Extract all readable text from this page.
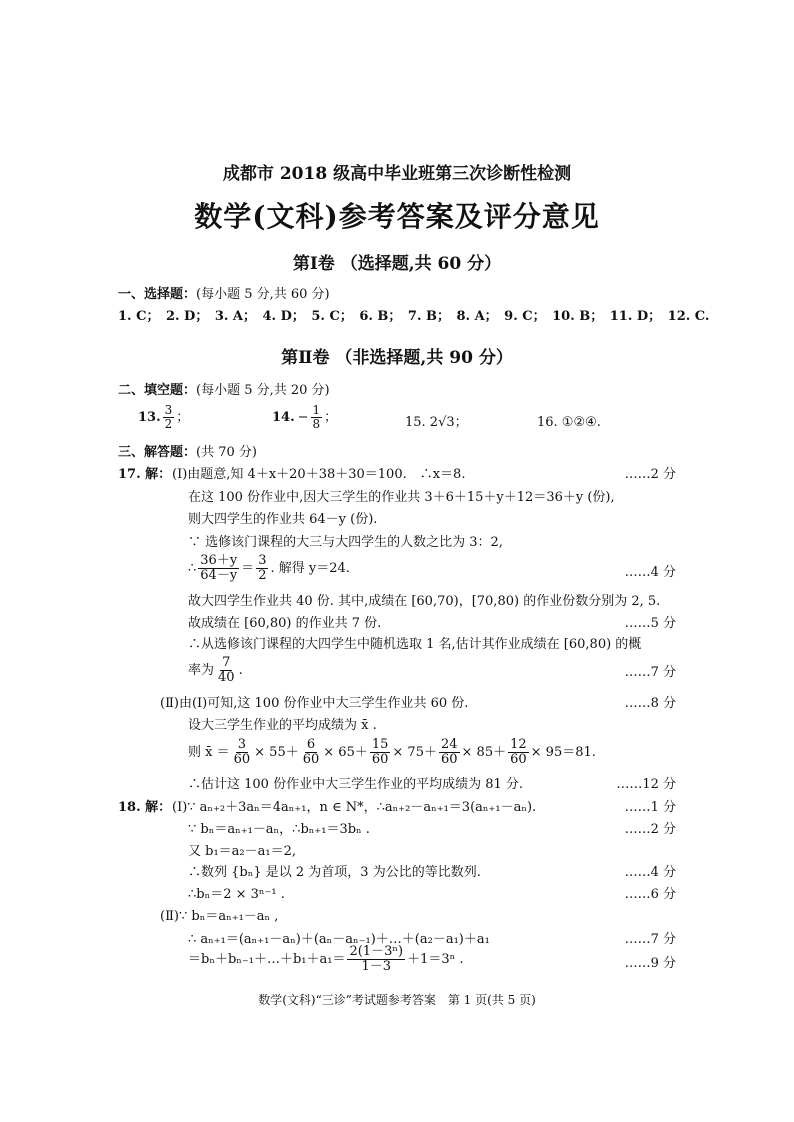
成都市 2018 级高中毕业班第三次诊断性检测
数学(文科)参考答案及评分意见
第Ⅰ卷 （选择题,共 60 分）
一、选择题：(每小题 5 分,共 60 分)
1. C；　2. D；　3. A；　4. D；　5. C；　6. B；　7. B；　8. A；　9. C；　10. B；　11. D；　12. C.
第Ⅱ卷 （非选择题,共 90 分）
二、填空题：(每小题 5 分,共 20 分)
13. $\frac{3}{2}$ ；	14. − $\frac{1}{8}$ ；	15. 2√3；	16. ①②④.
三、解答题：(共 70 分)
17. 解： (Ⅰ)由题意,知 4＋x＋20＋38＋30＝100.　∴x＝8.	……2 分
在这 100 份作业中,因大三学生的作业共 3＋6＋15＋y＋12＝36＋y (份),
则大四学生的作业共 64－y (份).
∵ 选修该门课程的大三与大四学生的人数之比为 3：2,
∴ $\frac{36+y}{64-y} = \frac{3}{2}$ . 解得 y＝24.	……4 分
故大四学生作业共 40 份. 其中,成绩在 [60,70)，[70,80) 的作业份数分别为 2, 5.
故成绩在 [60,80) 的作业共 7 份.	……5 分
∴从选修该门课程的大四学生中随机选取 1 名,估计其作业成绩在 [60,80) 的概
率为 $\frac{7}{40}$ .	……7 分
(Ⅱ)由(Ⅰ)可知,这 100 份作业中大三学生作业共 60 份.	……8 分
设大三学生作业的平均成绩为 x̄ .
则 x̄ ＝ $\frac{3}{60} \times 55+ \frac{6}{60} \times 65+ \frac{15}{60} \times 75+ \frac{24}{60} \times 85+ \frac{12}{60} \times 95=81$.
∴估计这 100 份作业中大三学生作业的平均成绩为 81 分.	……12 分
18. 解： (Ⅰ)∵ aₙ₊₂＋3aₙ＝4aₙ₊₁，n ∈ N*，∴aₙ₊₂－aₙ₊₁＝3(aₙ₊₁－aₙ).	……1 分
∵ bₙ＝aₙ₊₁－aₙ，∴bₙ₊₁＝3bₙ .	……2 分
又 b₁＝a₂－a₁＝2,
∴数列 {bₙ} 是以 2 为首项，3 为公比的等比数列.	……4 分
∴bₙ＝2 × 3ⁿ⁻¹ .	……6 分
(Ⅱ)∵ bₙ＝aₙ₊₁－aₙ ,
∴ aₙ₊₁＝(aₙ₊₁－aₙ)＋(aₙ－aₙ₋₁)＋…＋(a₂－a₁)＋a₁	……7 分
＝bₙ＋bₙ₋₁＋…＋b₁＋a₁＝ $\frac{\text{2(1－3ⁿ)}}{1-3} +1=3^n$ .	……9 分
数学(文科)“三诊”考试题参考答案　第 1 页(共 5 页)
